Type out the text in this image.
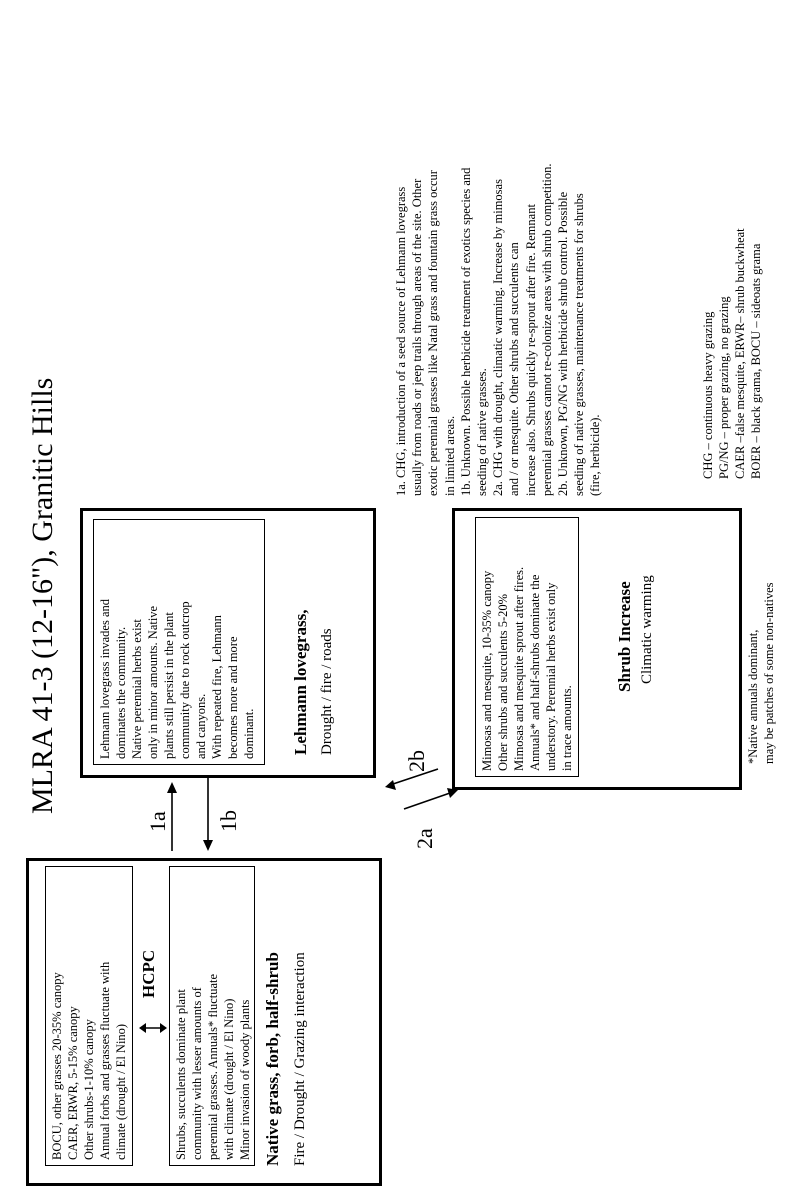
MLRA 41-3 (12-16"), Granitic Hills
BOCU, other grasses 20-35% canopy CAER, ERWR, 5-15% canopy Other shrubs-1-10% canopy Annual forbs and grasses fluctuate with climate (drought / El Nino)
HCPC
Shrubs, succulents dominate plant community with lesser amounts of perennial grasses. Annuals* fluctuate with climate (drought / El Nino) Minor invasion of woody plants Native grass, forb, half-shrub Fire / Drought / Grazing interaction
Lehmann lovegrass invades and dominates the community. Native perennial herbs exist only in minor amounts. Native plants still persist in the plant community due to rock outcrop and canyons. With repeated fire, Lehmann becomes more and more dominant. Lehmann lovegrass, Drought / fire / roads	Mimosas and mesquite, 10-35% canopy Other shrubs and succulents 5-20% Mimosas and mesquite sprout after fires. Annuals* and half-shrubs dominate the understory. Perennial herbs exist only in trace amounts.
Shrub Increase Climatic warming
1a 1b
2a
2b
1a. CHG, introduction of a seed source of Lehmann lovegrass usually from roads or jeep trails through areas of the site. Other exotic perennial grasses like Natal grass and fountain grass occur in limited areas. 1b. Unknown. Possible herbicide treatment of exotics species and seeding of native grasses. 2a. CHG with drought, climatic warming. Increase by mimosas and / or mesquite. Other shrubs and succulents can increase also. Shrubs quickly re-sprout after fire. Remnant perennial grasses cannot re-colonize areas with shrub competition. 2b. Unknown, PG/NG with herbicide shrub control. Possible seeding of native grasses, maintenance treatments for shrubs (fire, herbicide).	CHG – continuous heavy grazing PG/NG – proper grazing, no grazing CAER –false mesquite, ERWR– shrub buckwheat BOER – black grama, BOCU – sideoats grama
*Native annuals dominant, may be patches of some non-natives
